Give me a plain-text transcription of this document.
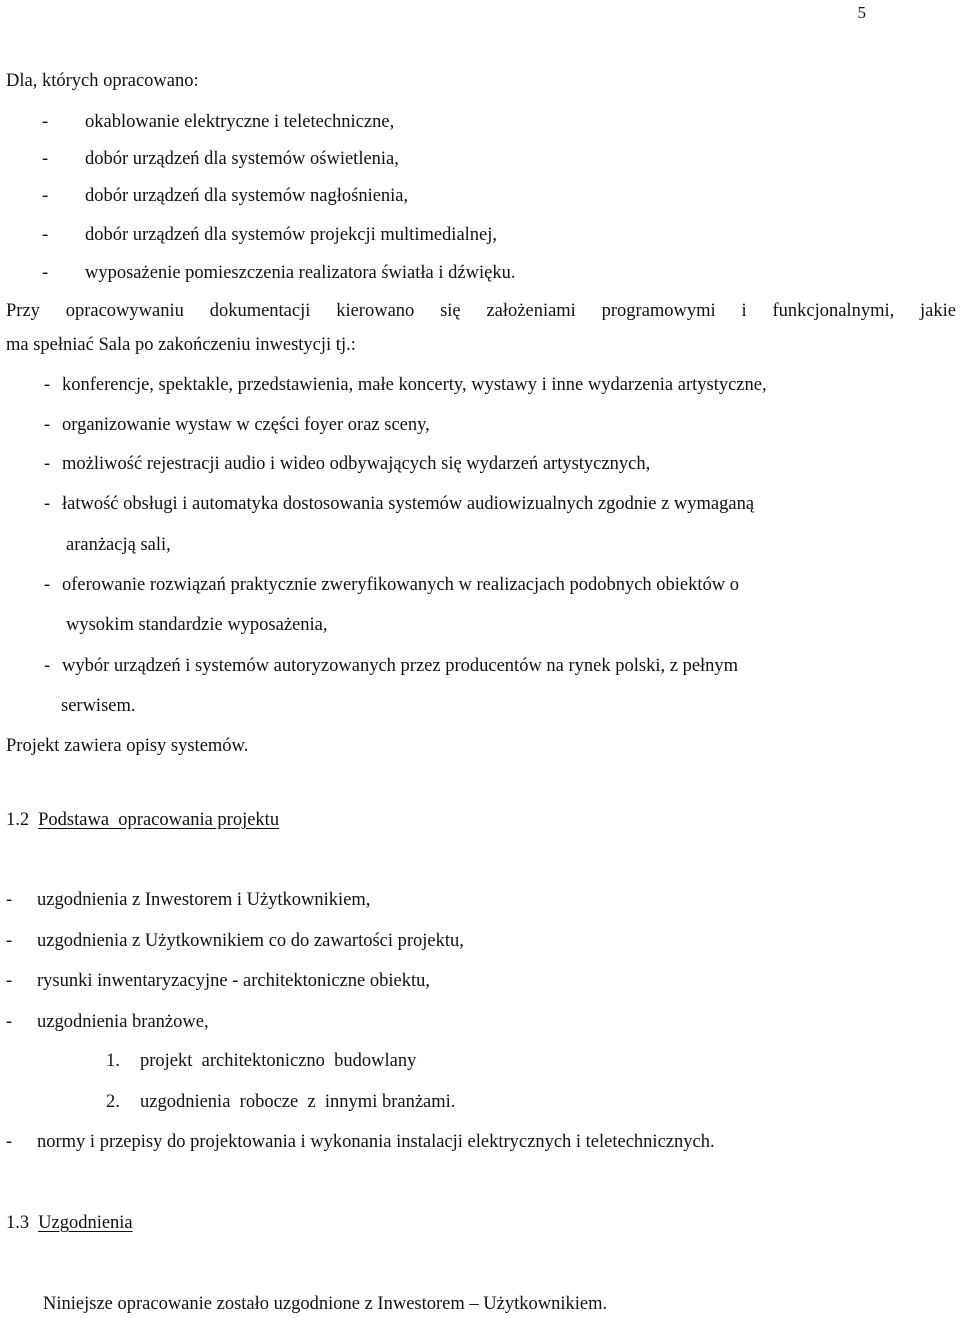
5
Dla, których opracowano:
- okablowanie elektryczne i teletechniczne,
- dobór urządzeń dla systemów oświetlenia,
- dobór urządzeń dla systemów nagłośnienia,
- dobór urządzeń dla systemów projekcji multimedialnej,
- wyposażenie pomieszczenia realizatora światła i dźwięku.
Przy opracowywaniu dokumentacji kierowano się założeniami programowymi i funkcjonalnymi, jakie
ma spełniać Sala po zakończeniu inwestycji tj.:
- konferencje, spektakle, przedstawienia, małe koncerty, wystawy i inne wydarzenia artystyczne,
- organizowanie wystaw w części foyer oraz sceny,
- możliwość rejestracji audio i wideo odbywających się wydarzeń artystycznych,
- łatwość obsługi i automatyka dostosowania systemów audiowizualnych zgodnie z wymaganą
aranżacją sali,
- oferowanie rozwiązań praktycznie zweryfikowanych w realizacjach podobnych obiektów o
wysokim standardzie wyposażenia,
- wybór urządzeń i systemów autoryzowanych przez producentów na rynek polski, z pełnym
serwisem.
Projekt zawiera opisy systemów.
1.2 Podstawa  opracowania projektu
- uzgodnienia z Inwestorem i Użytkownikiem,
- uzgodnienia z Użytkownikiem co do zawartości projektu,
- rysunki inwentaryzacyjne - architektoniczne obiektu,
- uzgodnienia branżowe,
1. projekt  architektoniczno  budowlany
2. uzgodnienia  robocze  z  innymi branżami.
- normy i przepisy do projektowania i wykonania instalacji elektrycznych i teletechnicznych.
1.3 Uzgodnienia
Niniejsze opracowanie zostało uzgodnione z Inwestorem – Użytkownikiem.
